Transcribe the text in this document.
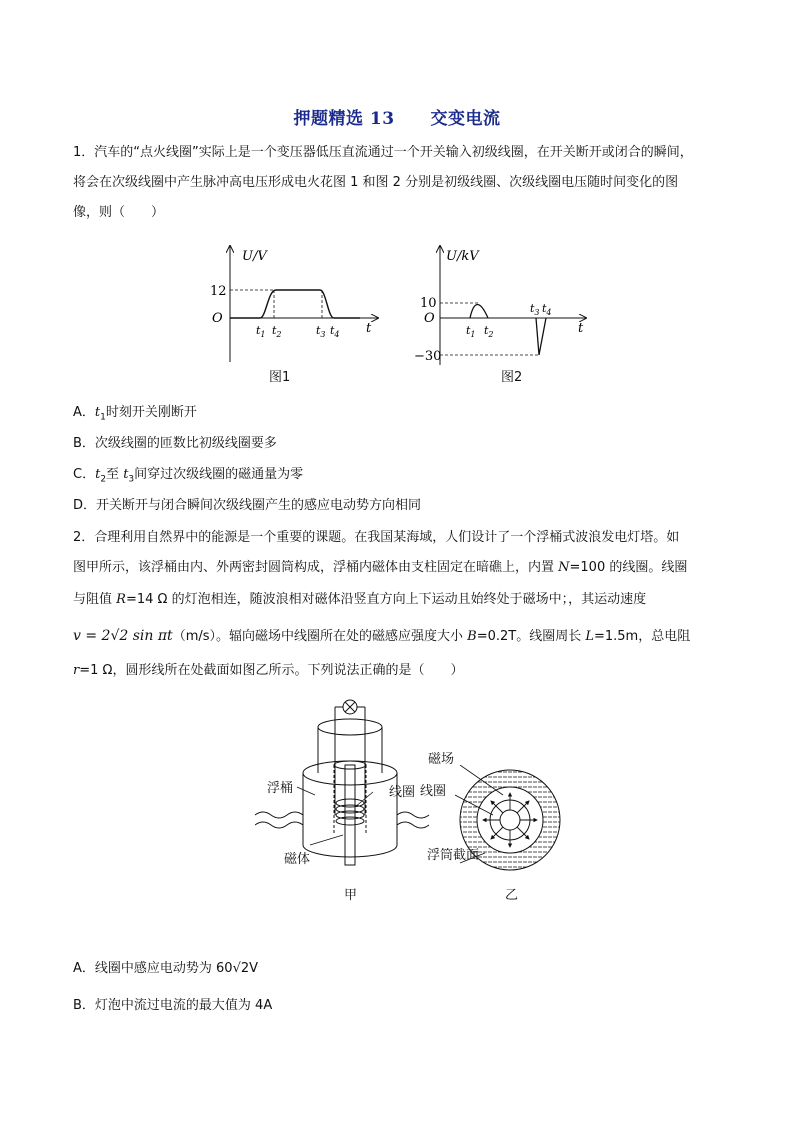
押题精选 13 交变电流
1．汽车的“点火线圈”实际上是一个变压器低压直流通过一个开关输入初级线圈，在开关断开或闭合的瞬间，
将会在次级线圈中产生脉冲高电压形成电火花图 1 和图 2 分别是初级线圈、次级线圈电压随时间变化的图
像，则（　　）
U/V
12
O
t
$t_1$ $t_2$	$t_3$ $t_4$
图1
U/kV
10
O
−30
t
$t_1$ $t_2$
$t_3$ $t_4$
图2
A．$t_1$时刻开关刚断开
B．次级线圈的匝数比初级线圈要多
C．$t_2$至 $t_3$间穿过次级线圈的磁通量为零
D．开关断开与闭合瞬间次级线圈产生的感应电动势方向相同
2．合理利用自然界中的能源是一个重要的课题。在我国某海域，人们设计了一个浮桶式波浪发电灯塔。如
图甲所示，该浮桶由内、外两密封圆筒构成，浮桶内磁体由支柱固定在暗礁上，内置 N=100 的线圈。线圈
与阻值 R=14 Ω 的灯泡相连，随波浪相对磁体沿竖直方向上下运动且始终处于磁场中；，其运动速度
v = 2√2 sin πt（m/s）。辐向磁场中线圈所在处的磁感应强度大小 B=0.2T。线圈周长 L=1.5m，总电阻
r=1 Ω，圆形线所在处截面如图乙所示。下列说法正确的是（　　）
浮桶	线圈
磁体
甲
磁场
线圈
浮筒截面
乙
A．线圈中感应电动势为 60√2V
B．灯泡中流过电流的最大值为 4A
